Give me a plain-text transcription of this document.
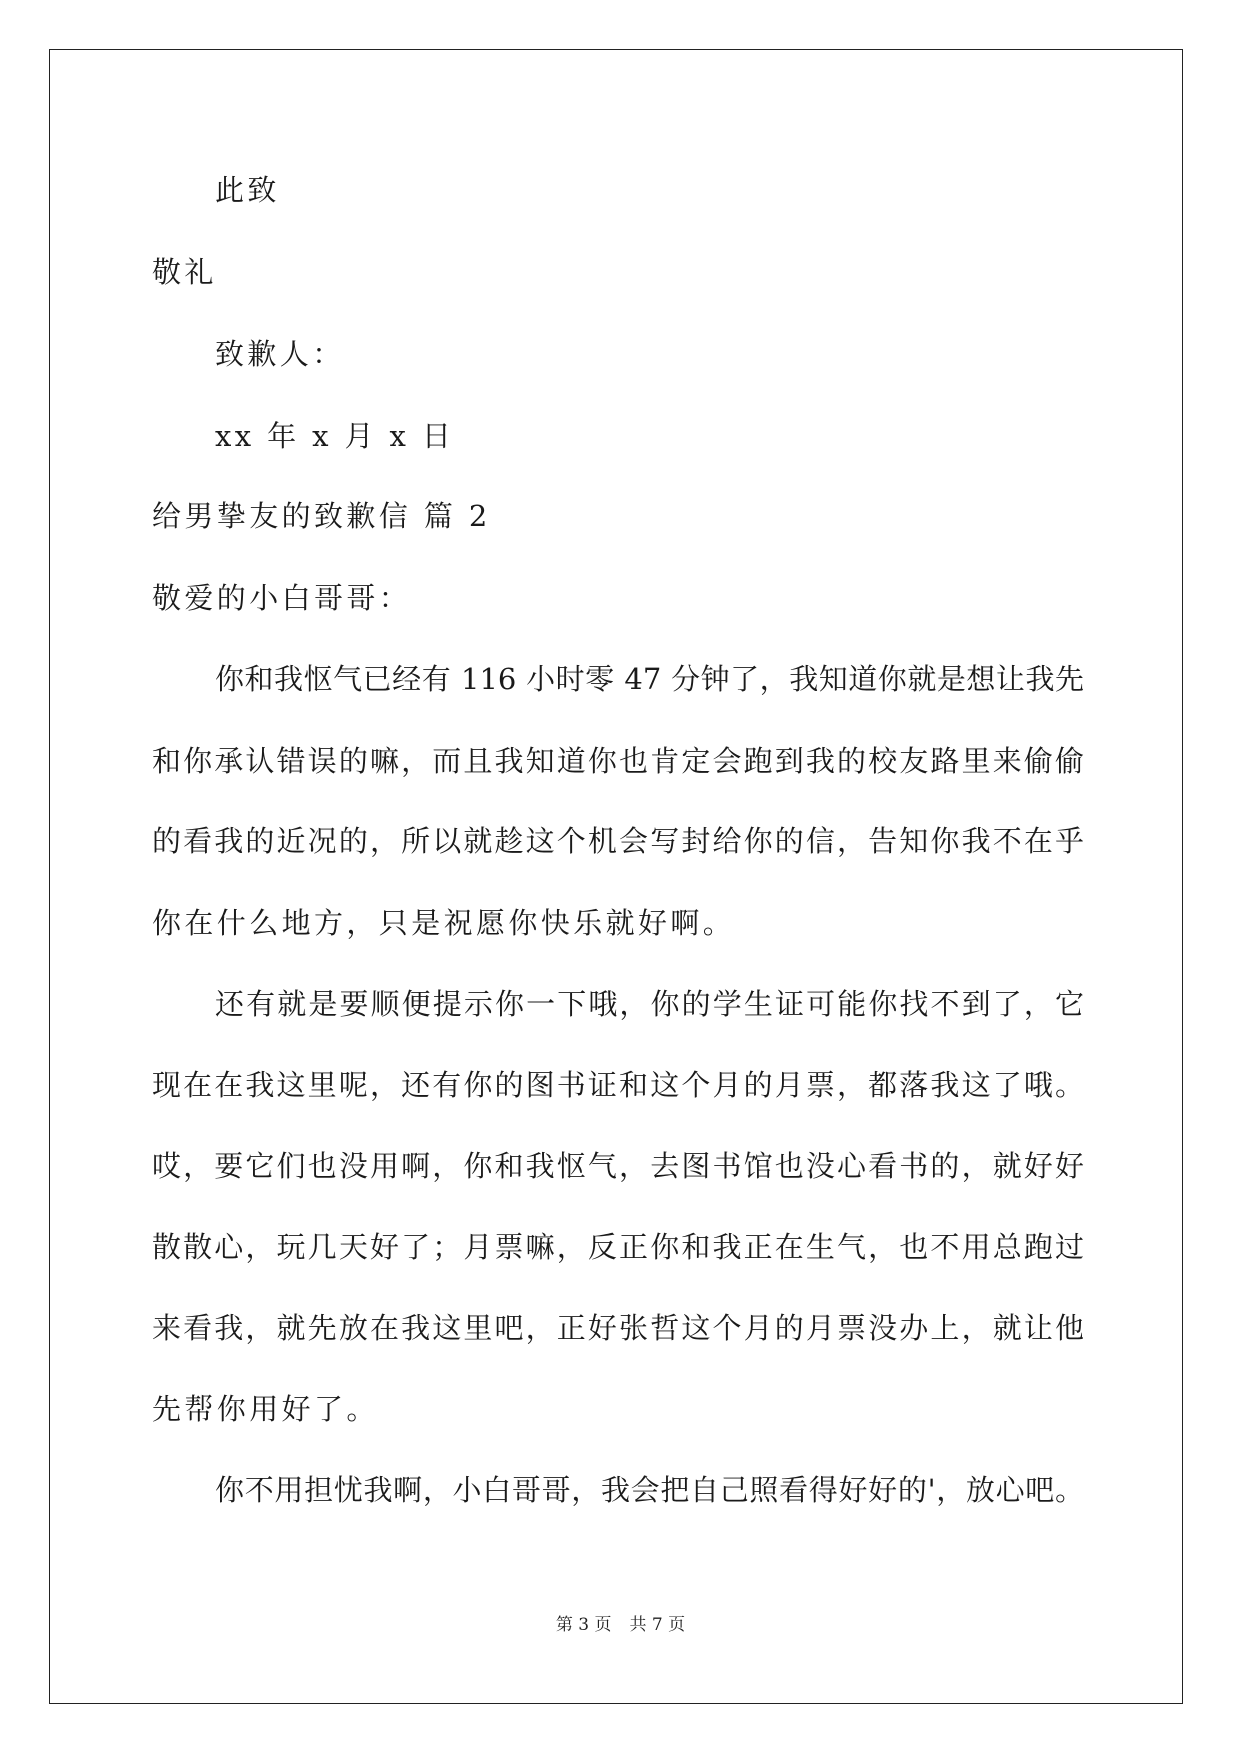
此致
敬礼
致歉人：
xx 年 x 月 x 日
给男挚友的致歉信 篇 2
敬爱的小白哥哥：
你和我怄气已经有 116 小时零 47 分钟了，我知道你就是想让我先
和你承认错误的嘛，而且我知道你也肯定会跑到我的校友路里来偷偷
的看我的近况的，所以就趁这个机会写封给你的信，告知你我不在乎
你在什么地方，只是祝愿你快乐就好啊。
还有就是要顺便提示你一下哦，你的学生证可能你找不到了，它
现在在我这里呢，还有你的图书证和这个月的月票，都落我这了哦。
哎，要它们也没用啊，你和我怄气，去图书馆也没心看书的，就好好
散散心，玩几天好了；月票嘛，反正你和我正在生气，也不用总跑过
来看我，就先放在我这里吧，正好张哲这个月的月票没办上，就让他
先帮你用好了。
你不用担忧我啊，小白哥哥，我会把自己照看得好好的'，放心吧。
第 3 页 共 7 页
